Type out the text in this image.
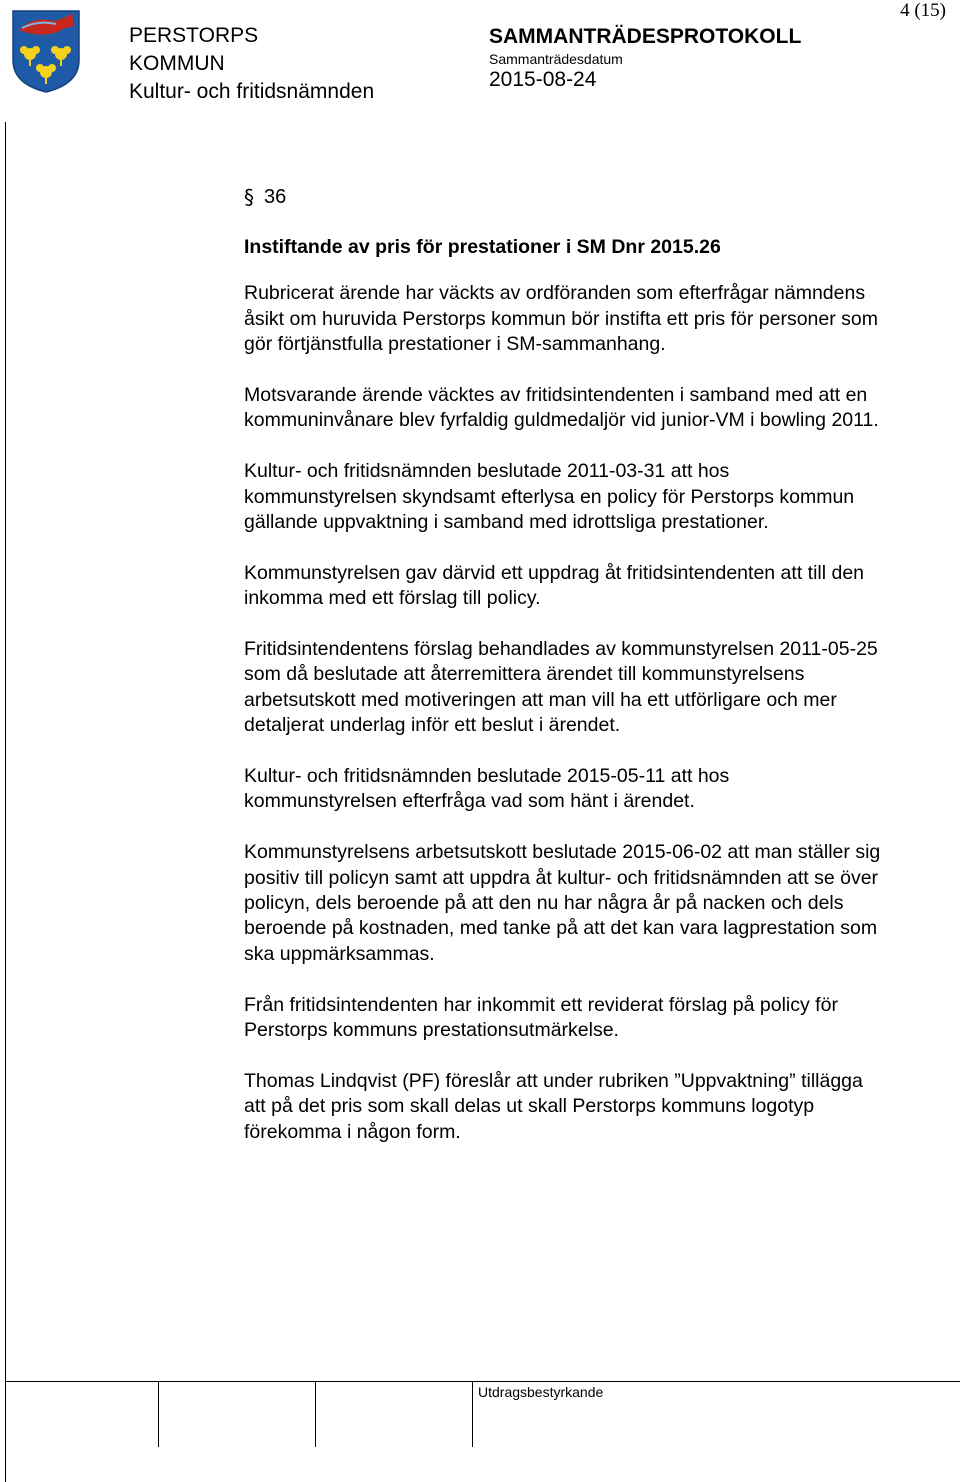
PERSTORPS
KOMMUN
Kultur- och fritidsnämnden
SAMMANTRÄDESPROTOKOLL
Sammanträdesdatum
2015-08-24
4 (15)
§ 36
Instiftande av pris för prestationer i SM Dnr 2015.26

Rubricerat ärende har väckts av ordföranden som efterfrågar nämndens åsikt om huruvida Perstorps kommun bör instifta ett pris för personer som gör förtjänstfulla prestationer i SM-sammanhang.

Motsvarande ärende väcktes av fritidsintendenten i samband med att en kommuninvånare blev fyrfaldig guldmedaljör vid junior-VM i bowling 2011.

Kultur- och fritidsnämnden beslutade 2011-03-31 att hos kommunstyrelsen skyndsamt efterlysa en policy för Perstorps kommun gällande uppvaktning i samband med idrottsliga prestationer.

Kommunstyrelsen gav därvid ett uppdrag åt fritidsintendenten att till den inkomma med ett förslag till policy.

Fritidsintendentens förslag behandlades av kommunstyrelsen 2011-05-25 som då beslutade att återremittera ärendet till kommunstyrelsens arbetsutskott med motiveringen att man vill ha ett utförligare och mer detaljerat underlag inför ett beslut i ärendet.

Kultur- och fritidsnämnden beslutade 2015-05-11 att hos kommunstyrelsen efterfråga vad som hänt i ärendet.

Kommunstyrelsens arbetsutskott beslutade 2015-06-02 att man ställer sig positiv till policyn samt att uppdra åt kultur- och fritidsnämnden att se över policyn, dels beroende på att den nu har några år på nacken och dels beroende på kostnaden, med tanke på att det kan vara lagprestation som ska uppmärksammas.

Från fritidsintendenten har inkommit ett reviderat förslag på policy för Perstorps kommuns prestationsutmärkelse.

Thomas Lindqvist (PF) föreslår att under rubriken ”Uppvaktning” tillägga att på det pris som skall delas ut skall Perstorps kommuns logotyp förekomma i någon form.

Utdragsbestyrkande
